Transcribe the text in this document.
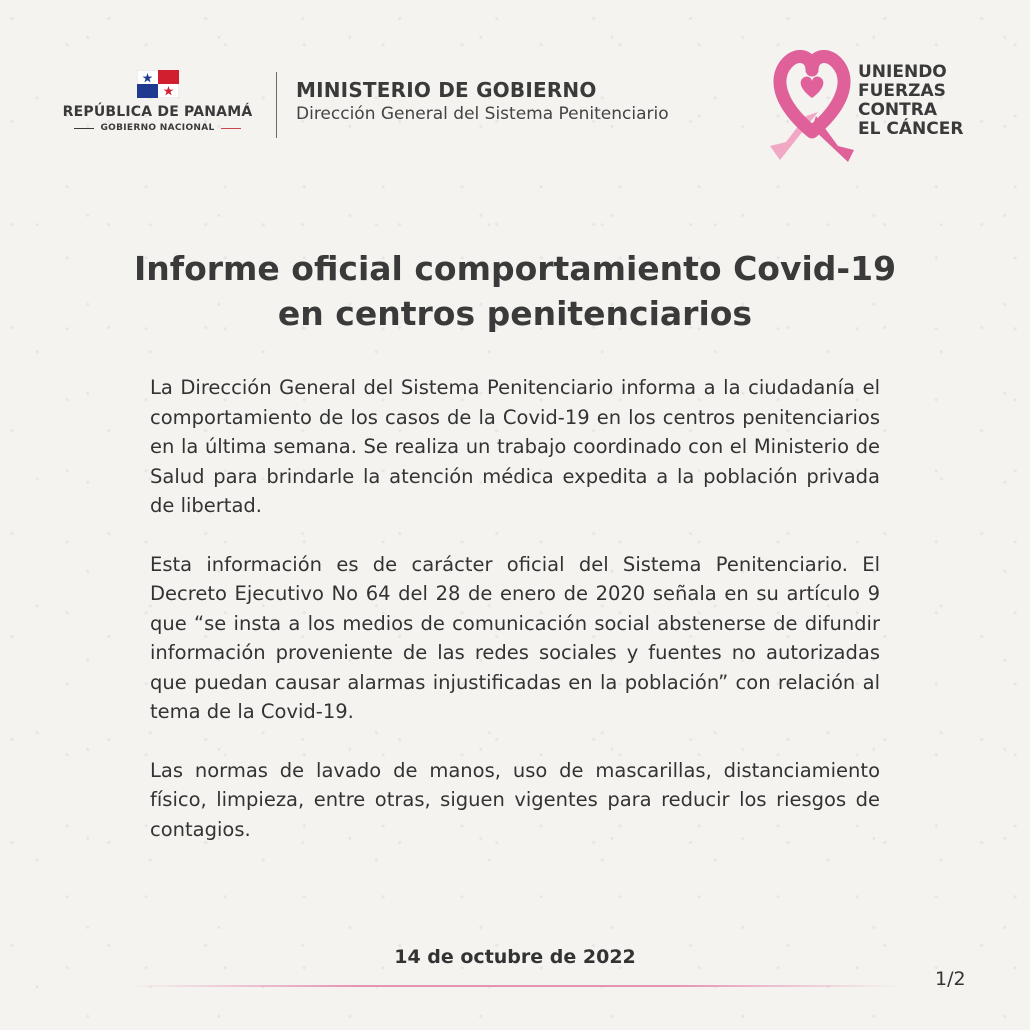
REPÚBLICA DE PANAMÁ
GOBIERNO NACIONAL
MINISTERIO DE GOBIERNO
Dirección General del Sistema Penitenciario
UNIENDO
FUERZAS
CONTRA
EL CÁNCER
Informe oficial comportamiento Covid-19
en centros penitenciarios

La Dirección General del Sistema Penitenciario informa a la ciudadanía el comportamiento de los casos de la Covid-19 en los centros penitenciarios en la última semana. Se realiza un trabajo coordinado con el Ministerio de Salud para brindarle la atención médica expedita a la población privada de libertad.

Esta información es de carácter oficial del Sistema Penitenciario. El Decreto Ejecutivo No 64 del 28 de enero de 2020 señala en su artículo 9 que “se insta a los medios de comunicación social abstenerse de difundir información proveniente de las redes sociales y fuentes no autorizadas que puedan causar alarmas injustificadas en la población” con relación al tema de la Covid-19.

Las normas de lavado de manos, uso de mascarillas, distanciamiento físico, limpieza, entre otras, siguen vigentes para reducir los riesgos de contagios.

14 de octubre de 2022
1/2
